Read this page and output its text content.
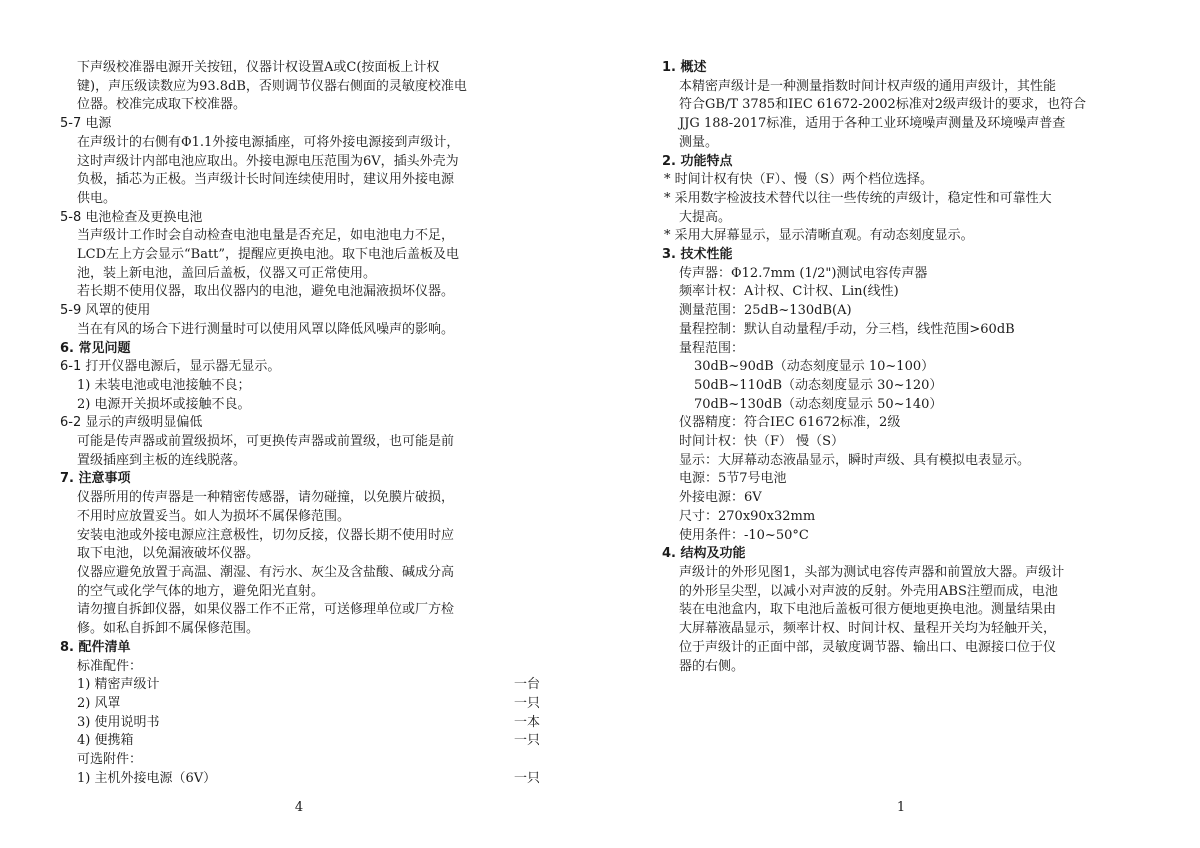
下声级校准器电源开关按钮，仪器计权设置A或C(按面板上计权

键)，声压级读数应为93.8dB，否则调节仪器右侧面的灵敏度校准电

位器。校准完成取下校准器。

5-7 电源

在声级计的右侧有Φ1.1外接电源插座，可将外接电源接到声级计，

这时声级计内部电池应取出。外接电源电压范围为6V，插头外壳为

负极，插芯为正极。当声级计长时间连续使用时，建议用外接电源

供电。

5-8 电池检查及更换电池

当声级计工作时会自动检查电池电量是否充足，如电池电力不足，

LCD左上方会显示“Batt”，提醒应更换电池。取下电池后盖板及电

池，装上新电池，盖回后盖板，仪器又可正常使用。

若长期不使用仪器，取出仪器内的电池，避免电池漏液损坏仪器。

5-9 风罩的使用

当在有风的场合下进行测量时可以使用风罩以降低风噪声的影响。

6. 常见问题

6-1 打开仪器电源后，显示器无显示。

1) 未装电池或电池接触不良；

2) 电源开关损坏或接触不良。

6-2 显示的声级明显偏低

可能是传声器或前置级损坏，可更换传声器或前置级，也可能是前

置级插座到主板的连线脱落。

7. 注意事项

仪器所用的传声器是一种精密传感器，请勿碰撞，以免膜片破损，

不用时应放置妥当。如人为损坏不属保修范围。

安装电池或外接电源应注意极性，切勿反接，仪器长期不使用时应

取下电池，以免漏液破坏仪器。

仪器应避免放置于高温、潮湿、有污水、灰尘及含盐酸、碱成分高

的空气或化学气体的地方，避免阳光直射。

请勿擅自拆卸仪器，如果仪器工作不正常，可送修理单位或厂方检

修。如私自拆卸不属保修范围。

8. 配件清单

标准配件：

1) 精密声级计	一台
2) 风罩	一只
3) 使用说明书	一本
4) 便携箱	一只

可选附件：

1) 主机外接电源（6V）	一只
4	1

1. 概述

本精密声级计是一种测量指数时间计权声级的通用声级计，其性能

符合GB/T 3785和IEC 61672-2002标准对2级声级计的要求，也符合

JJG 188-2017标准，适用于各种工业环境噪声测量及环境噪声普查

测量。

2. 功能特点

* 时间计权有快（F）、慢（S）两个档位选择。

* 采用数字检波技术替代以往一些传统的声级计，稳定性和可靠性大

大提高。

* 采用大屏幕显示，显示清晰直观。有动态刻度显示。

3. 技术性能

传声器：Φ12.7mm (1/2")测试电容传声器

频率计权：A计权、C计权、Lin(线性)

测量范围：25dB~130dB(A)

量程控制：默认自动量程/手动，分三档，线性范围>60dB

量程范围：

30dB~90dB（动态刻度显示 10~100）

50dB~110dB（动态刻度显示 30~120）

70dB~130dB（动态刻度显示 50~140）

仪器精度：符合IEC 61672标准，2级

时间计权：快（F） 慢（S）

显示：大屏幕动态液晶显示，瞬时声级、具有模拟电表显示。

电源：5节7号电池

外接电源：6V

尺寸：270x90x32mm

使用条件：-10~50°C

4. 结构及功能

声级计的外形见图1，头部为测试电容传声器和前置放大器。声级计

的外形呈尖型，以减小对声波的反射。外壳用ABS注塑而成，电池

装在电池盒内，取下电池后盖板可很方便地更换电池。测量结果由

大屏幕液晶显示，频率计权、时间计权、量程开关均为轻触开关，

位于声级计的正面中部，灵敏度调节器、输出口、电源接口位于仪

器的右侧。
